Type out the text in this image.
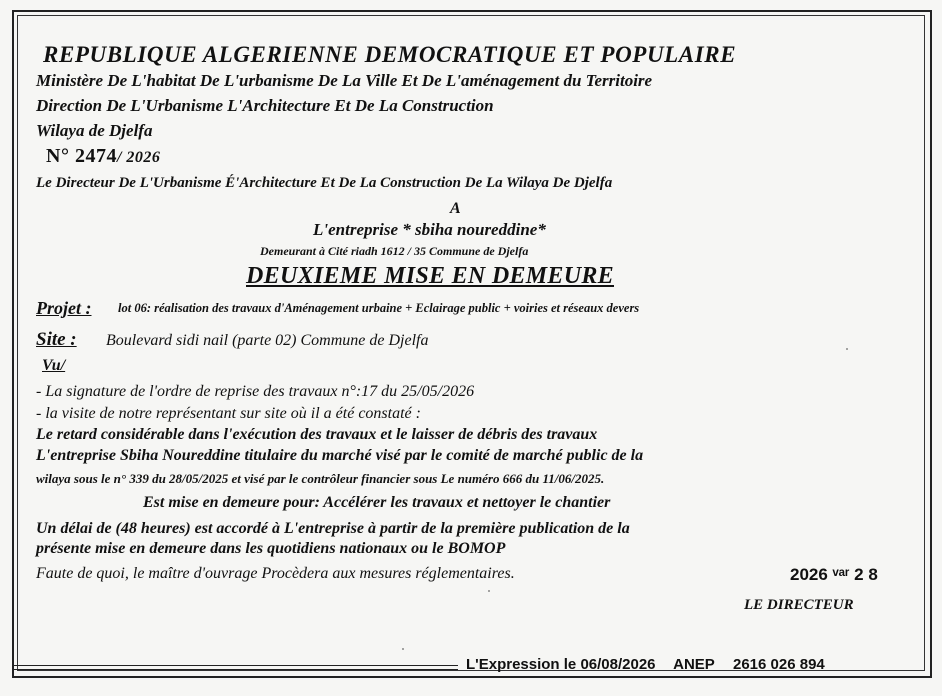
REPUBLIQUE ALGERIENNE DEMOCRATIQUE ET POPULAIRE
Ministère De L'habitat De L'urbanisme De La Ville Et De L'aménagement du Territoire
Direction De L'Urbanisme L'Architecture Et De La Construction
Wilaya de Djelfa
N° 2474/ 2026
Le Directeur De L'Urbanisme É'Architecture Et De La Construction De La Wilaya De Djelfa
A
L'entreprise * sbiha noureddine*
Demeurant à Cité riadh 1612 / 35 Commune de Djelfa
DEUXIEME MISE EN DEMEURE
Projet : lot 06: réalisation des travaux d'Aménagement urbaine + Eclairage public + voiries et réseaux devers
Site : Boulevard sidi nail (parte 02) Commune de Djelfa
Vu/
- La signature de l'ordre de reprise des travaux n°:17 du 25/05/2026
- la visite de notre représentant sur site où il a été constaté :
Le retard considérable dans l'exécution des travaux et le laisser de débris des travaux
L'entreprise Sbiha Noureddine titulaire du marché visé par le comité de marché public de la
wilaya sous le n° 339 du 28/05/2025 et visé par le contrôleur financier sous Le numéro 666 du 11/06/2025.
Est mise en demeure pour: Accélérer les travaux et nettoyer le chantier
Un délai de (48 heures) est accordé à L'entreprise à partir de la première publication de la
présente mise en demeure dans les quotidiens nationaux ou le BOMOP
Faute de quoi, le maître d'ouvrage Procèdera aux mesures réglementaires.	2026 ᵛᵃʳ 2 8
LE DIRECTEUR
L'Expression le 06/08/2026 ANEP 2616 026 894
